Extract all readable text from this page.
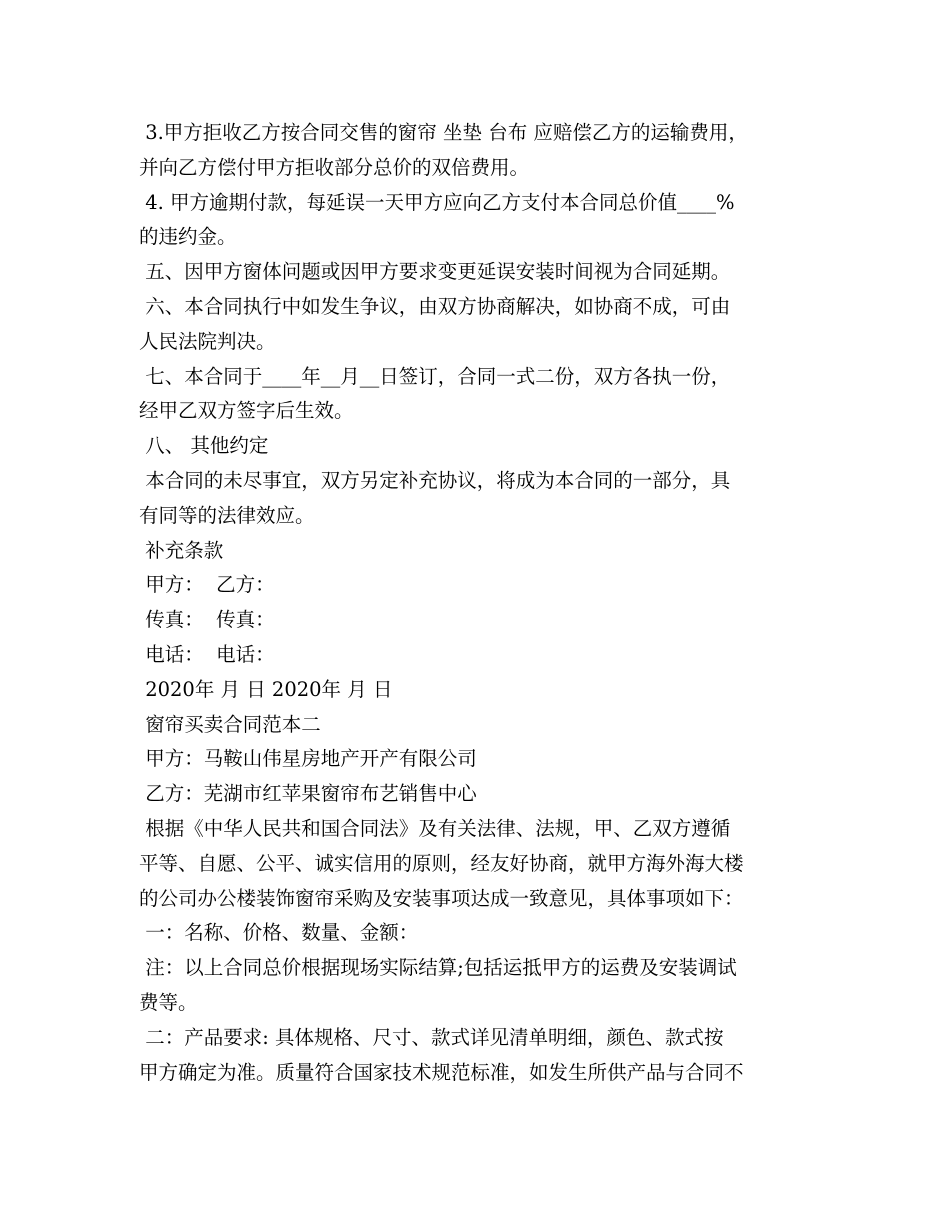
3.甲方拒收乙方按合同交售的窗帘 坐垫 台布 应赔偿乙方的运输费用，
并向乙方偿付甲方拒收部分总价的双倍费用。
4. 甲方逾期付款，每延误一天甲方应向乙方支付本合同总价值____%
的违约金。
五、因甲方窗体问题或因甲方要求变更延误安装时间视为合同延期。
六、本合同执行中如发生争议，由双方协商解决，如协商不成，可由
人民法院判决。
七、本合同于____年__月__日签订，合同一式二份，双方各执一份，
经甲乙双方签字后生效。
八、 其他约定
本合同的未尽事宜，双方另定补充协议，将成为本合同的一部分，具
有同等的法律效应。
补充条款
甲方：  乙方：
传真：  传真：
电话：  电话：
2020年 月 日 2020年 月 日
窗帘买卖合同范本二
甲方：马鞍山伟星房地产开产有限公司
乙方：芜湖市红苹果窗帘布艺销售中心
根据《中华人民共和国合同法》及有关法律、法规，甲、乙双方遵循
平等、自愿、公平、诚实信用的原则，经友好协商，就甲方海外海大楼
的公司办公楼装饰窗帘采购及安装事项达成一致意见，具体事项如下：
一：名称、价格、数量、金额：
注：以上合同总价根据现场实际结算;包括运抵甲方的运费及安装调试
费等。
二：产品要求: 具体规格、尺寸、款式详见清单明细，颜色、款式按
甲方确定为准。质量符合国家技术规范标准，如发生所供产品与合同不
